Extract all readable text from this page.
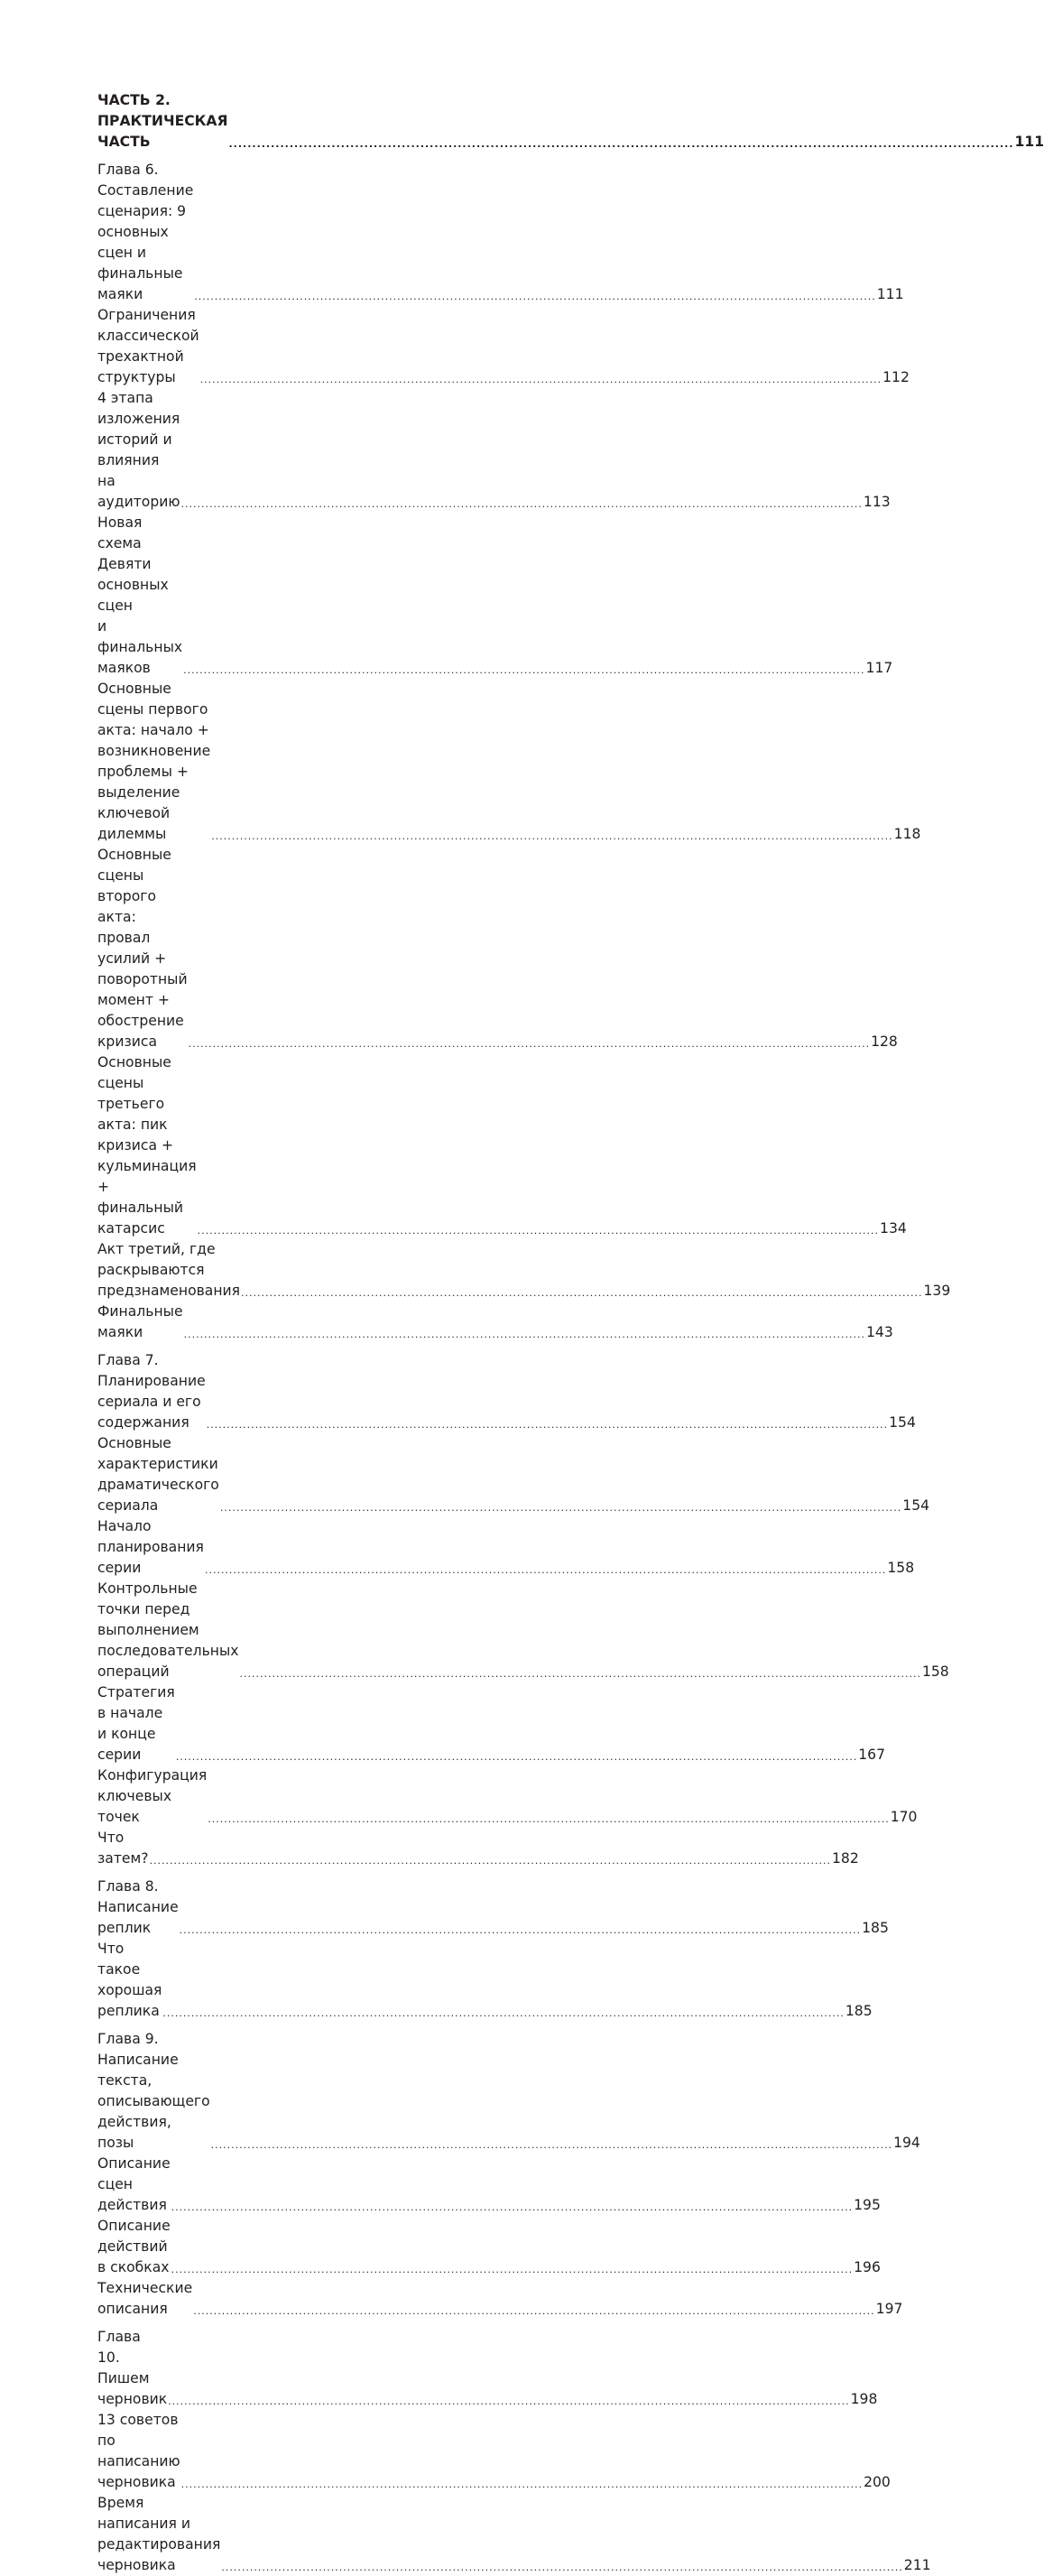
ЧАСТЬ 2. ПРАКТИЧЕСКАЯ ЧАСТЬ .....	111
Глава 6. Составление сценария: 9 основных
сцен и финальные маяки .....	111
Ограничения классической трехактной структуры .....	112
4 этапа изложения историй и влияния
на аудиторию .....	113
Новая схема Девяти основных сцен
и финальных маяков .....	117
Основные сцены первого акта: начало +
возникновение проблемы + выделение
ключевой дилеммы .....	118
Основные сцены второго акта: провал усилий +
поворотный момент + обострение кризиса .....	128
Основные сцены третьего акта: пик кризиса +
кульминация + финальный катарсис .....	134
Акт третий, где раскрываются предзнаменования .....	139
Финальные маяки .....	143
Глава 7. Планирование сериала и его содержания .....	154
Основные характеристики драматического
сериала .....	154
Начало планирования серии .....	158
Контрольные точки перед выполнением
последовательных операций .....	158
Стратегия в начале и конце серии .....	167
Конфигурация ключевых точек .....	170
Что затем? .....	182
Глава 8. Написание реплик .....	185
Что такое хорошая реплика .....	185
Глава 9. Написание текста, описывающего
действия, позы .....	194
Описание сцен действия .....	195
Описание действий в скобках .....	196
Технические описания .....	197
Глава 10. Пишем черновик .....	198
13 советов по написанию черновика .....	200
Время написания и редактирования черновика .....	211
